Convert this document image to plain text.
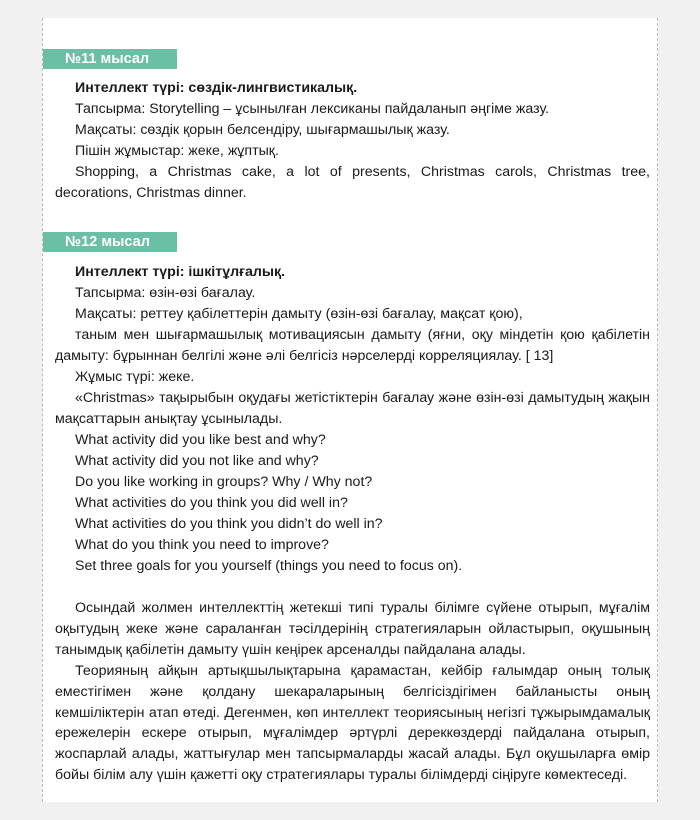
№11 мысал

Интеллект түрі: сөздік-лингвистикалық.

Тапсырма: Storytelling – ұсынылған лексиканы пайдаланып әңгіме жазу.

Мақсаты: сөздік қорын белсендіру, шығармашылық жазу.

Пішін жұмыстар: жеке, жұптық.

Shopping, a Christmas cake, a lot of presents, Christmas carols, Christmas tree, decorations, Christmas dinner.

№12 мысал

Интеллект түрі: ішкітұлғалық.

Тапсырма: өзін-өзі бағалау.

Мақсаты: реттеу қабілеттерін дамыту (өзін-өзі бағалау, мақсат қою),

таным мен шығармашылық мотивациясын дамыту (яғни, оқу міндетін қою қабілетін дамыту: бұрыннан белгілі және әлі белгісіз нәрселерді корреляциялау. [ 13]

Жұмыс түрі: жеке.

«Christmas» тақырыбын оқудағы жетістіктерін бағалау және өзін-өзі дамытудың жақын мақсаттарын анықтау ұсынылады.

What activity did you like best and why?

What activity did you not like and why?

Do you like working in groups? Why / Why not?

What activities do you think you did well in?

What activities do you think you didn’t do well in?

What do you think you need to improve?

Set three goals for you yourself (things you need to focus on).

Осындай жолмен интеллекттің жетекші типі туралы білімге сүйене отырып, мұғалім оқытудың жеке және сараланған тәсілдерінің стратегияларын ойластырып, оқушының танымдық қабілетін дамыту үшін кеңірек арсеналды пайдалана алады.

Теорияның айқын артықшылықтарына қарамастан, кейбір ғалымдар оның толық еместігімен және қолдану шекараларының белгісіздігімен байланысты оның кемшіліктерін атап өтеді. Дегенмен, көп интеллект теориясының негізгі тұжырымдамалық ережелерін ескере отырып, мұғалімдер әртүрлі дереккөздерді пайдалана отырып, жоспарлай алады, жаттығулар мен тапсырмаларды жасай алады. Бұл оқушыларға өмір бойы білім алу үшін қажетті оқу стратегиялары туралы білімдерді сіңіруге көмектеседі.
